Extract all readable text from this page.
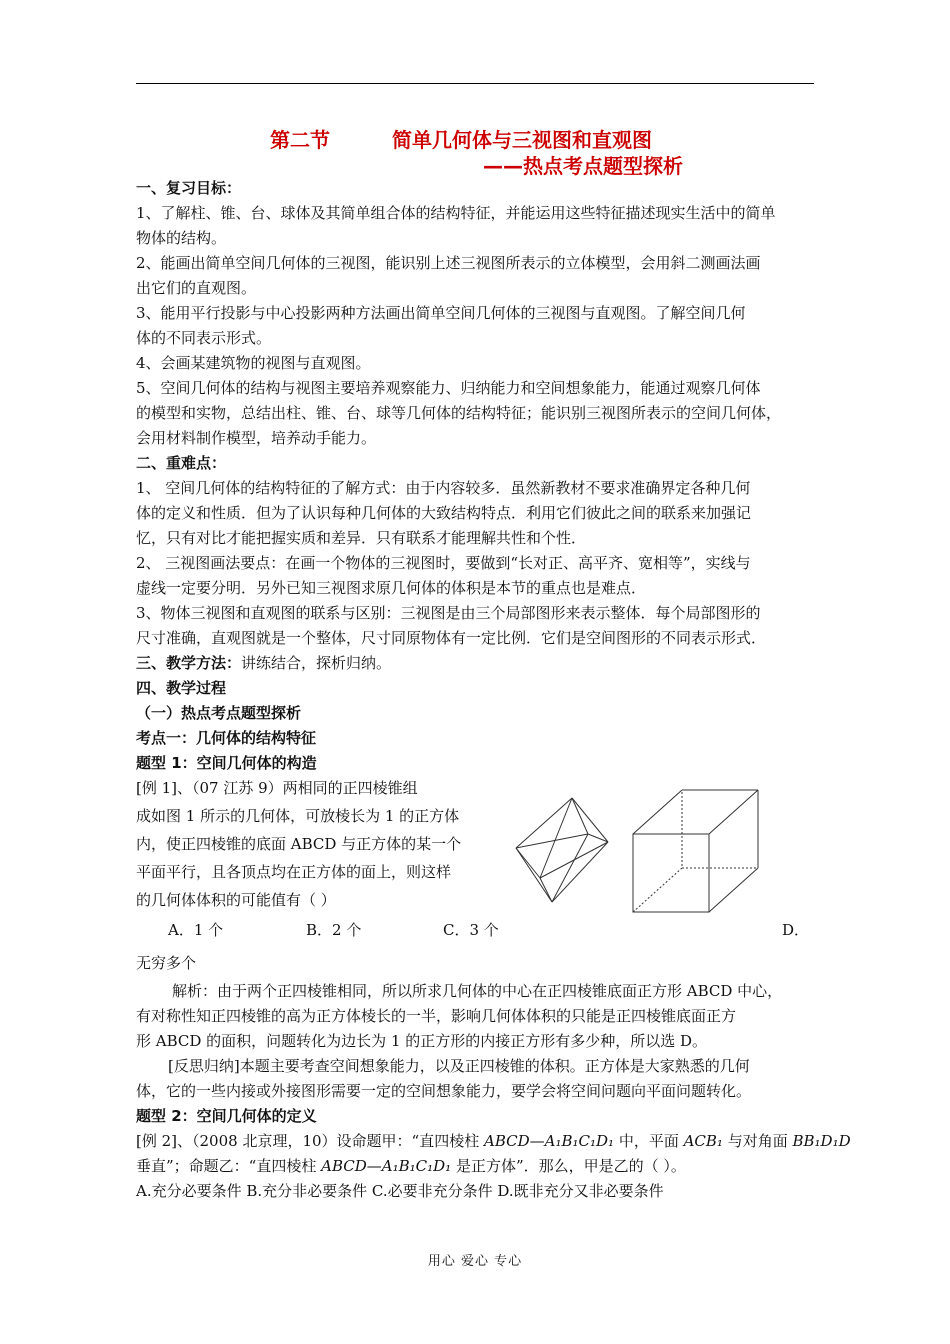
第二节	简单几何体与三视图和直观图
——热点考点题型探析
一、复习目标：
1、了解柱、锥、台、球体及其简单组合体的结构特征，并能运用这些特征描述现实生活中的简单
物体的结构。
2、能画出简单空间几何体的三视图，能识别上述三视图所表示的立体模型，会用斜二测画法画
出它们的直观图。
3、能用平行投影与中心投影两种方法画出简单空间几何体的三视图与直观图。了解空间几何
体的不同表示形式。
4、会画某建筑物的视图与直观图。
5、空间几何体的结构与视图主要培养观察能力、归纳能力和空间想象能力，能通过观察几何体
的模型和实物，总结出柱、锥、台、球等几何体的结构特征；能识别三视图所表示的空间几何体，
会用材料制作模型，培养动手能力。
二、重难点：
1、 空间几何体的结构特征的了解方式：由于内容较多．虽然新教材不要求准确界定各种几何
体的定义和性质．但为了认识每种几何体的大致结构特点．利用它们彼此之间的联系来加强记
忆，只有对比才能把握实质和差异．只有联系才能理解共性和个性．
2、 三视图画法要点：在画一个物体的三视图时，要做到“长对正、高平齐、宽相等”，实线与
虚线一定要分明．另外已知三视图求原几何体的体积是本节的重点也是难点．
3、物体三视图和直观图的联系与区别：三视图是由三个局部图形来表示整体．每个局部图形的
尺寸准确，直观图就是一个整体，尺寸同原物体有一定比例．它们是空间图形的不同表示形式．
三、教学方法：讲练结合，探析归纳。
四、教学过程
（一）热点考点题型探析
考点一：几何体的结构特征
题型 1：空间几何体的构造
[例 1]、（07 江苏 9）两相同的正四棱锥组
成如图 1 所示的几何体，可放棱长为 1 的正方体
内，使正四棱锥的底面 ABCD 与正方体的某一个
平面平行，且各顶点均在正方体的面上，则这样
的几何体体积的可能值有（ ）
A．1 个	B．2 个	C．3 个	D．
无穷多个
解析：由于两个正四棱锥相同，所以所求几何体的中心在正四棱锥底面正方形 ABCD 中心，
有对称性知正四棱锥的高为正方体棱长的一半，影响几何体体积的只能是正四棱锥底面正方
形 ABCD 的面积，问题转化为边长为 1 的正方形的内接正方形有多少种，所以选 D。
[反思归纳]本题主要考查空间想象能力，以及正四棱锥的体积。正方体是大家熟悉的几何
体，它的一些内接或外接图形需要一定的空间想象能力，要学会将空间问题向平面问题转化。
题型 2：空间几何体的定义
[例 2]、（2008 北京理，10）设命题甲：“直四棱柱 ABCD—A₁B₁C₁D₁ 中，平面 ACB₁ 与对角面 BB₁D₁D
垂直”；命题乙：“直四棱柱 ABCD—A₁B₁C₁D₁ 是正方体”．那么，甲是乙的（ ）。
A.充分必要条件 B.充分非必要条件 C.必要非充分条件 D.既非充分又非必要条件
用心 爱心 专心
